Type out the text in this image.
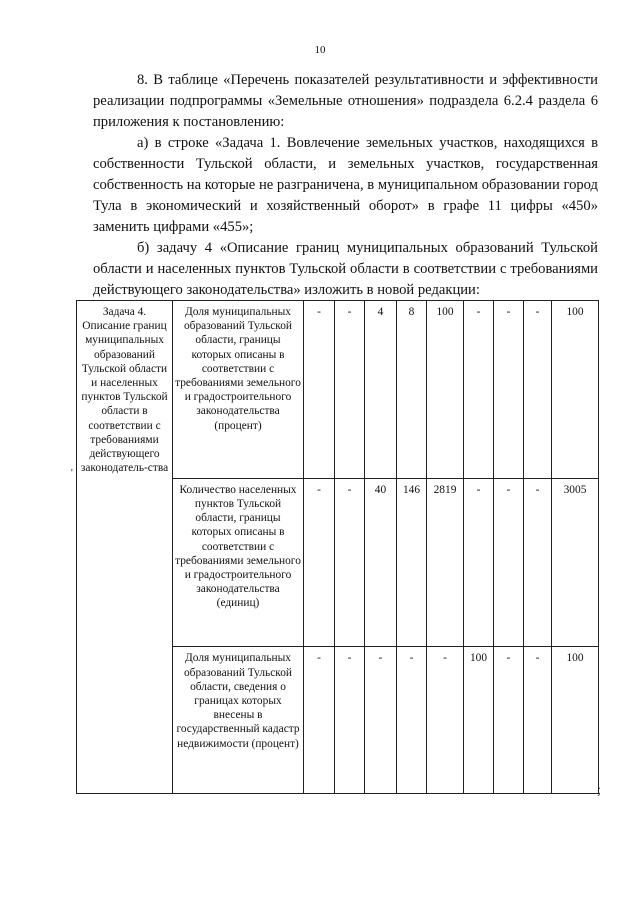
10

8. В таблице «Перечень показателей результативности и эффективности реализации подпрограммы «Земельные отношения» подраздела 6.2.4 раздела 6 приложения к постановлению:

а) в строке «Задача 1. Вовлечение земельных участков, находящихся в собственности Тульской области, и земельных участков, государственная собственность на которые не разграничена, в муниципальном образовании город Тула в экономический и хозяйственный оборот» в графе 11 цифры «450» заменить цифрами «455»;

б) задачу 4 «Описание границ муниципальных образований Тульской области и населенных пунктов Тульской области в соответствии с требованиями действующего законодательства» изложить в новой редакции:

Задача 4. Описание границ муниципальных образований Тульской области и населенных пунктов Тульской области в соответствии с требованиями действующего законодатель-ства	Доля муниципальных образований Тульской области, границы которых описаны в соответствии с требованиями земельного и градостроительного законодательства (процент)	-	-	4	8	100	-	-	-	100
	Количество населенных пунктов Тульской области, границы которых описаны в соответствии с требованиями земельного и градостроительного законодательства (единиц)	-	-	40	146	2819	-	-	-	3005
	Доля муниципальных образований Тульской области, сведения о границах которых внесены в государственный кадастр недвижимости (процент)	-	-	-	-	-	100	-	-	100
'
;
